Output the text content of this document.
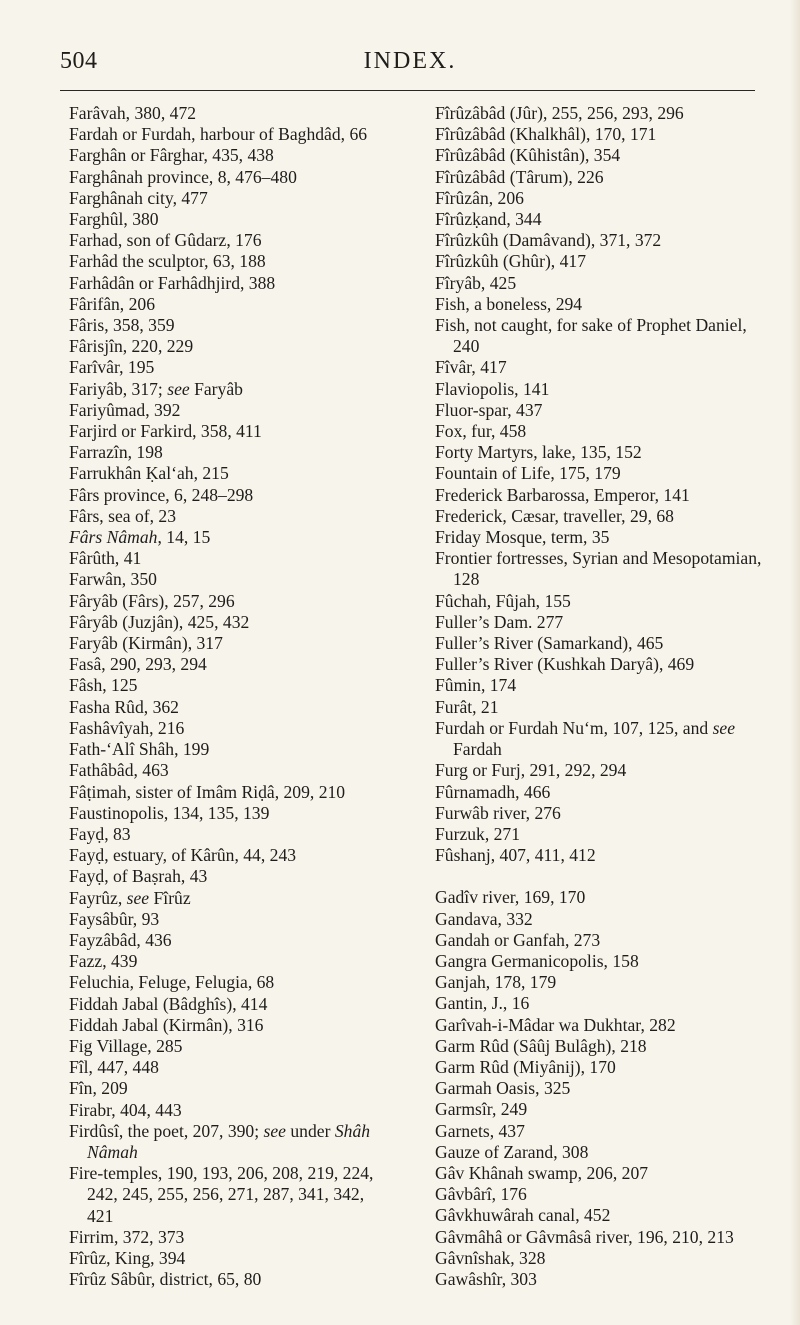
504	INDEX.

Farâvah, 380, 472

Fardah or Furdah, harbour of Baghdâd, 66

Farghân or Fârghar, 435, 438

Farghânah province, 8, 476–480

Farghânah city, 477

Farghûl, 380

Farhad, son of Gûdarz, 176

Farhâd the sculptor, 63, 188

Farhâdân or Farhâdhjird, 388

Fârifân, 206

Fâris, 358, 359

Fârisjîn, 220, 229

Farîvâr, 195

Fariyâb, 317; see Faryâb

Fariyûmad, 392

Farjird or Farkird, 358, 411

Farrazîn, 198

Farrukhân Ḳal‘ah, 215

Fârs province, 6, 248–298

Fârs, sea of, 23

Fârs Nâmah, 14, 15

Fârûth, 41

Farwân, 350

Fâryâb (Fârs), 257, 296

Fâryâb (Juzjân), 425, 432

Faryâb (Kirmân), 317

Fasâ, 290, 293, 294

Fâsh, 125

Fasha Rûd, 362

Fashâvîyah, 216

Fath-‘Alî Shâh, 199

Fathâbâd, 463

Fâṭimah, sister of Imâm Riḍâ, 209, 210

Faustinopolis, 134, 135, 139

Fayḍ, 83

Fayḍ, estuary, of Kârûn, 44, 243

Fayḍ, of Baṣrah, 43

Fayrûz, see Fîrûz

Faysâbûr, 93

Fayzâbâd, 436

Fazz, 439

Feluchia, Feluge, Felugia, 68

Fiddah Jabal (Bâdghîs), 414

Fiddah Jabal (Kirmân), 316

Fig Village, 285

Fîl, 447, 448

Fîn, 209

Firabr, 404, 443

Firdûsî, the poet, 207, 390; see under Shâh Nâmah

Fire-temples, 190, 193, 206, 208, 219, 224, 242, 245, 255, 256, 271, 287, 341, 342, 421

Firrim, 372, 373

Fîrûz, King, 394

Fîrûz Sâbûr, district, 65, 80

Fîrûzâbâd (Jûr), 255, 256, 293, 296

Fîrûzâbâd (Khalkhâl), 170, 171

Fîrûzâbâd (Kûhistân), 354

Fîrûzâbâd (Târum), 226

Fîrûzân, 206

Fîrûzḳand, 344

Fîrûzkûh (Damâvand), 371, 372

Fîrûzkûh (Ghûr), 417

Fîryâb, 425

Fish, a boneless, 294

Fish, not caught, for sake of Prophet Daniel, 240

Fîvâr, 417

Flaviopolis, 141

Fluor-spar, 437

Fox, fur, 458

Forty Martyrs, lake, 135, 152

Fountain of Life, 175, 179

Frederick Barbarossa, Emperor, 141

Frederick, Cæsar, traveller, 29, 68

Friday Mosque, term, 35

Frontier fortresses, Syrian and Mesopotamian, 128

Fûchah, Fûjah, 155

Fuller’s Dam. 277

Fuller’s River (Samarkand), 465

Fuller’s River (Kushkah Daryâ), 469

Fûmin, 174

Furât, 21

Furdah or Furdah Nu‘m, 107, 125, and see Fardah

Furg or Furj, 291, 292, 294

Fûrnamadh, 466

Furwâb river, 276

Furzuk, 271

Fûshanj, 407, 411, 412

Gadîv river, 169, 170

Gandava, 332

Gandah or Ganfah, 273

Gangra Germanicopolis, 158

Ganjah, 178, 179

Gantin, J., 16

Garîvah-i-Mâdar wa Dukhtar, 282

Garm Rûd (Sâûj Bulâgh), 218

Garm Rûd (Miyânij), 170

Garmah Oasis, 325

Garmsîr, 249

Garnets, 437

Gauze of Zarand, 308

Gâv Khânah swamp, 206, 207

Gâvbârî, 176

Gâvkhuwârah canal, 452

Gâvmâhâ or Gâvmâsâ river, 196, 210, 213

Gâvnîshak, 328

Gawâshîr, 303
